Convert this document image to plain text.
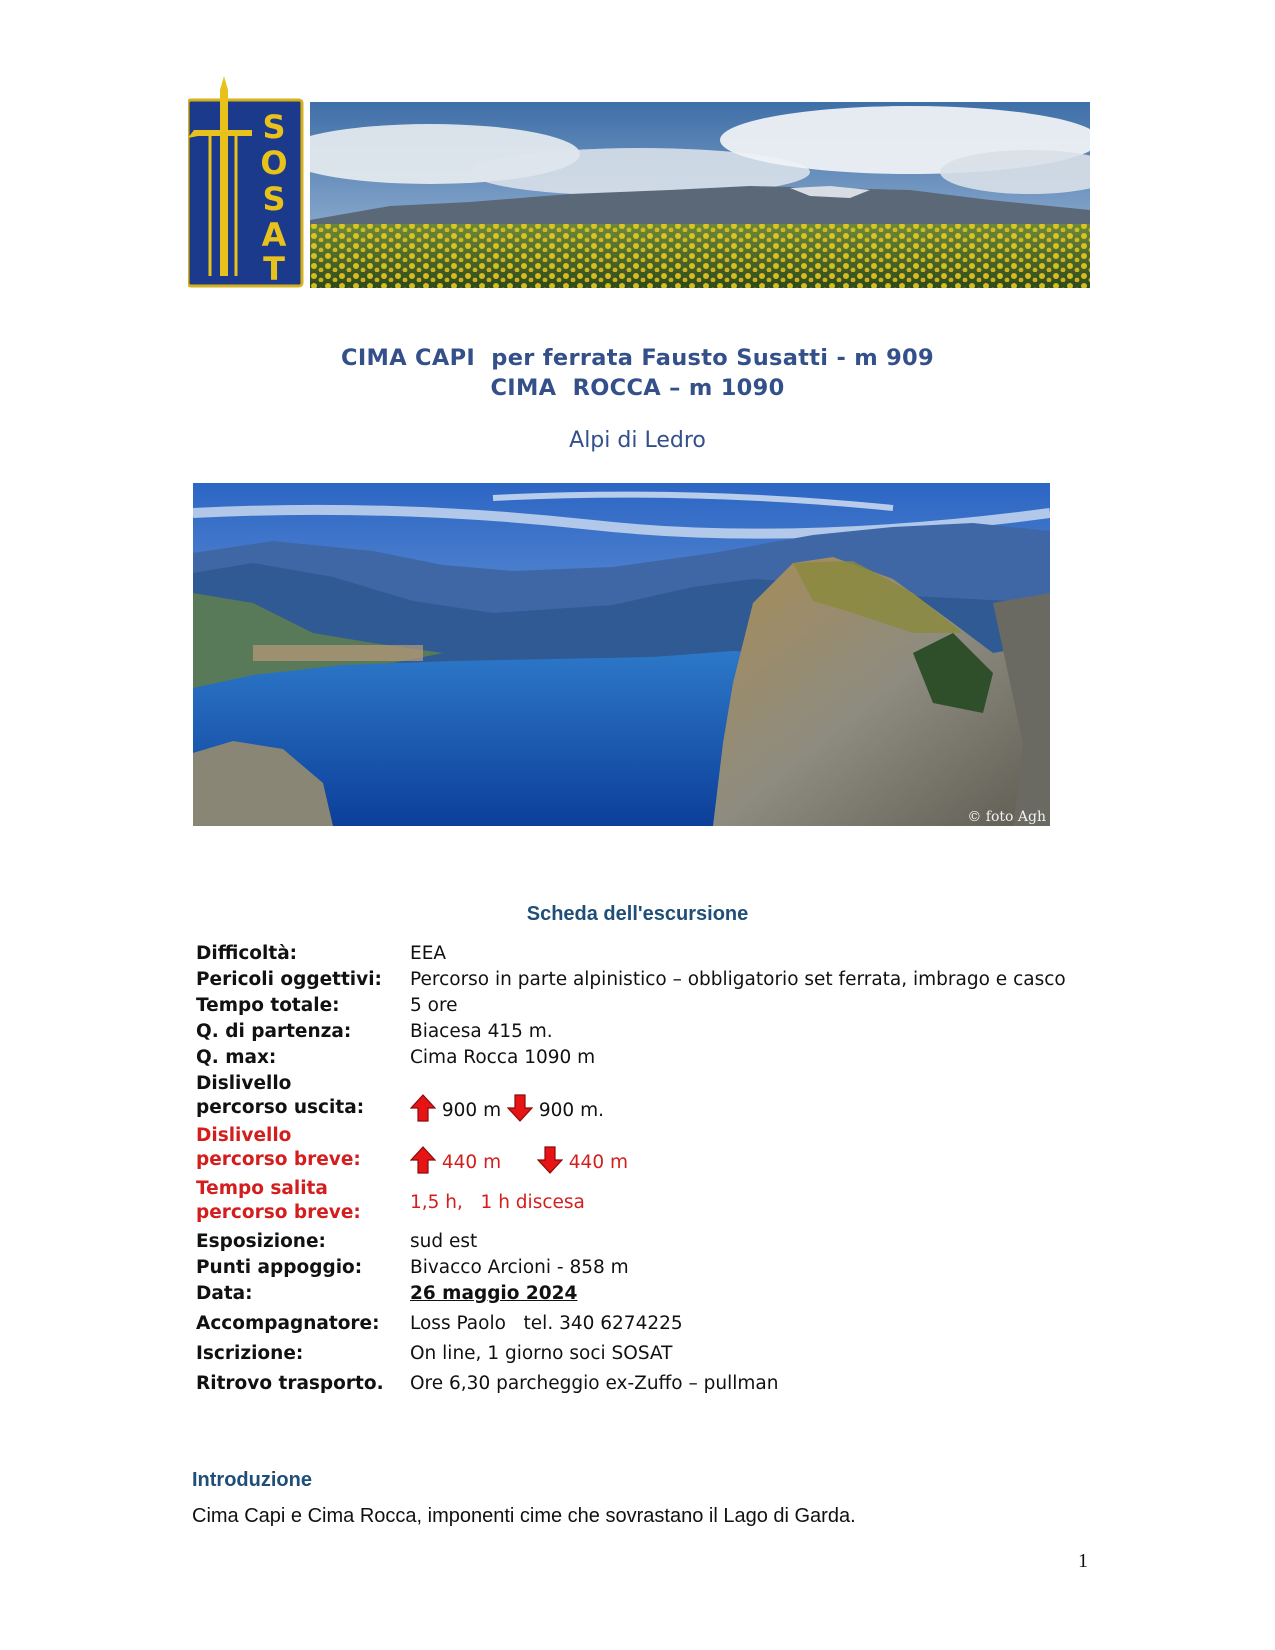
S
O
S
A
T
CIMA CAPI  per ferrata Fausto Susatti - m 909
CIMA  ROCCA – m 1090
Alpi di Ledro
© foto Agh
Scheda dell'escursione
Difficoltà:	EEA
Pericoli oggettivi: Percorso in parte alpinistico – obbligatorio set ferrata, imbrago e casco
Tempo totale:	5 ore
Q. di partenza:	Biacesa 415 m.
Q. max:	Cima Rocca 1090 m
Dislivello
percorso uscita:	900 m 900 m.
Dislivello
percorso breve:	440 m	440 m
Tempo salita
percorso breve:	1,5 h,   1 h discesa
Esposizione:	sud est
Punti appoggio:	Bivacco Arcioni - 858 m
Data:	26 maggio 2024
Accompagnatore: Loss Paolo   tel. 340 6274225
Iscrizione:	On line, 1 giorno soci SOSAT
Ritrovo trasporto. Ore 6,30 parcheggio ex-Zuffo – pullman
Introduzione
Cima Capi e Cima Rocca, imponenti cime che sovrastano il Lago di Garda.
1
